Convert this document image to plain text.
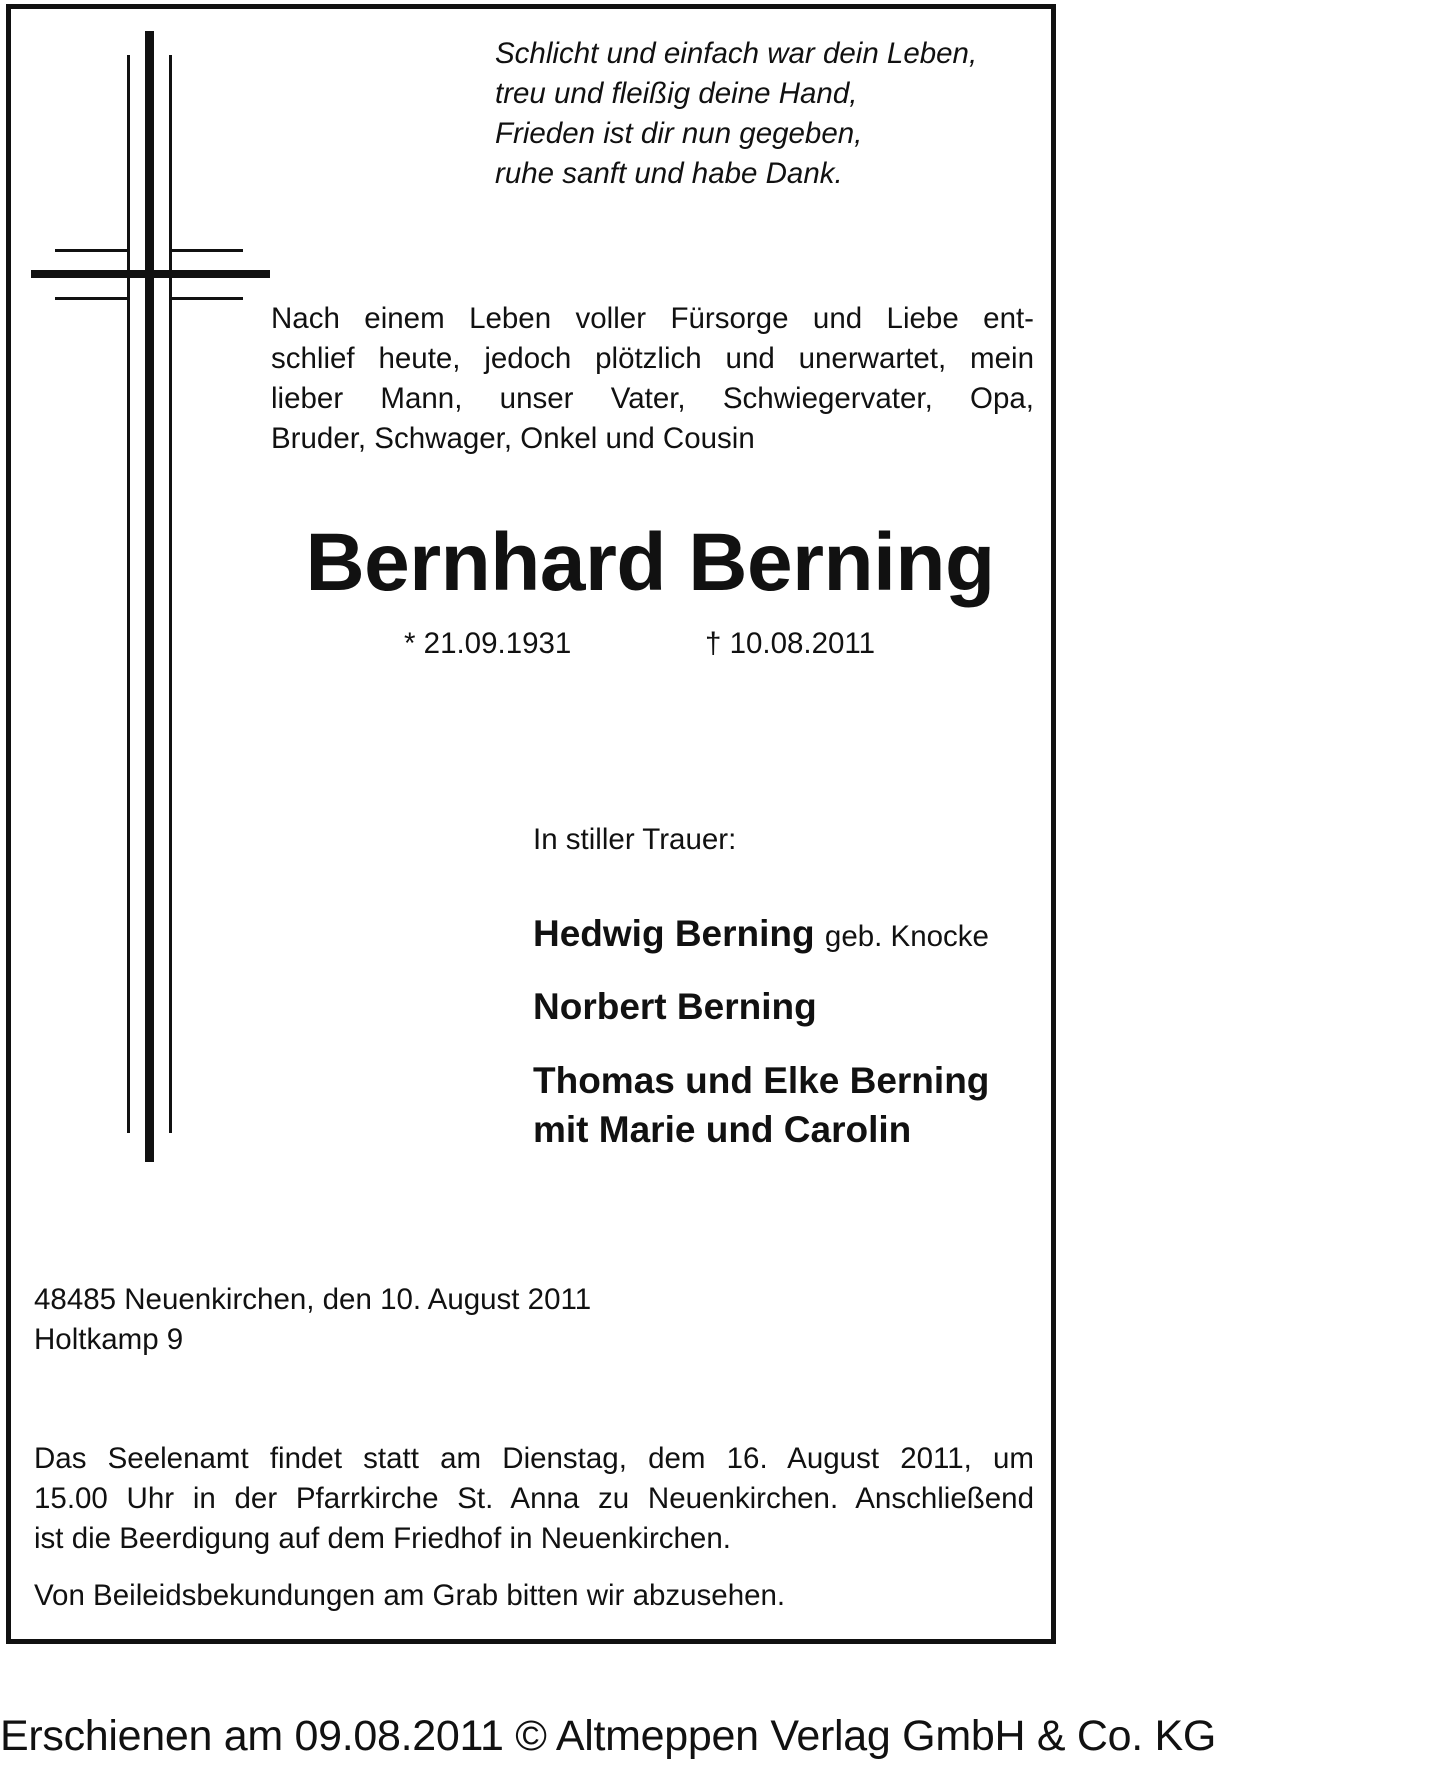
Schlicht und einfach war dein Leben,
treu und fleißig deine Hand,
Frieden ist dir nun gegeben,
ruhe sanft und habe Dank.
Nach einem Leben voller Fürsorge und Liebe ent-
schlief heute, jedoch plötzlich und unerwartet, mein
lieber Mann, unser Vater, Schwiegervater, Opa,
Bruder, Schwager, Onkel und Cousin
Bernhard Berning
* 21.09.1931	† 10.08.2011
In stiller Trauer:
Hedwig Berning geb. Knocke
Norbert Berning
Thomas und Elke Berning
mit Marie und Carolin
48485 Neuenkirchen, den 10. August 2011
Holtkamp 9
Das Seelenamt findet statt am Dienstag, dem 16. August 2011, um
15.00 Uhr in der Pfarrkirche St. Anna zu Neuenkirchen. Anschließend
ist die Beerdigung auf dem Friedhof in Neuenkirchen.
Von Beileidsbekundungen am Grab bitten wir abzusehen.
Erschienen am 09.08.2011 © Altmeppen Verlag GmbH & Co. KG
